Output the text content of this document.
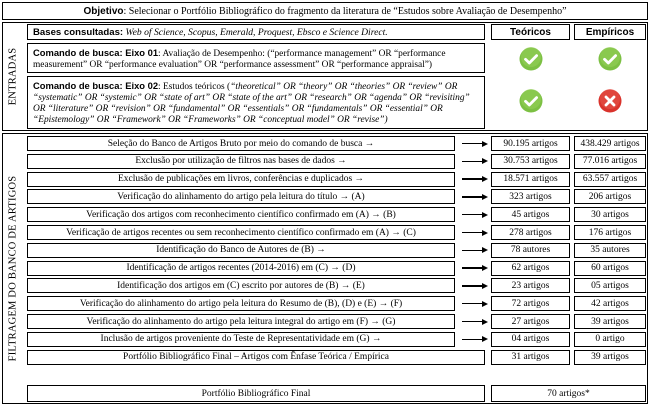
Objetivo: Selecionar o Portfólio Bibliográfico do fragmento da literatura de “Estudos sobre Avaliação de Desempenho”
ENTRADAS
Bases consultadas: Web of Science, Scopus, Emerald, Proquest, Ebsco e Science Direct.	Teóricos	Empíricos
Comando de busca: Eixo 01: Avaliação de Desempenho: (“performance management” OR “performance measurement” OR “performance evaluation” OR “performance assessment” OR “performance appraisal”)
Comando de busca: Eixo 02: Estudos teóricos (“theoretical” OR “theory” OR “theories” OR “review” OR “systematic” OR “systemic” OR “state of art” OR “state of the art” OR “research” OR “agenda” OR “revisiting” OR “literature” OR “revision” OR “fundamental” OR “essentials” OR “fundamentals” OR “essential” OR “Epistemology” OR “Framework” OR “Frameworks” OR “conceptual model” OR “revise”)
FILTRAGEM DO BANCO DE ARTIGOS
Seleção do Banco de Artigos Bruto por meio do comando de busca →	90.195 artigos	438.429 artigos
Exclusão por utilização de filtros nas bases de dados →	30.753 artigos	77.016 artigos
Exclusão de publicações em livros, conferências e duplicados →	18.571 artigos	63.557 artigos
Verificação do alinhamento do artigo pela leitura do título → (A)	323 artigos	206 artigos
Verificação dos artigos com reconhecimento científico confirmado em (A) → (B)	45 artigos	30 artigos
Verificação de artigos recentes ou sem reconhecimento científico confirmado em (A) → (C)	278 artigos	176 artigos
Identificação do Banco de Autores de (B) →	78 autores	35 autores
Identificação de artigos recentes (2014-2016) em (C) → (D)	62 artigos	60 artigos
Identificação dos artigos em (C) escrito por autores de (B) → (E)	23 artigos	05 artigos
Verificação do alinhamento do artigo pela leitura do Resumo de (B), (D) e (E) → (F)	72 artigos	42 artigos
Verificação do alinhamento do artigo pela leitura integral do artigo em (F) → (G)	27 artigos	39 artigos
Inclusão de artigos proveniente do Teste de Representatividade em (G) →	04 artigos	0 artigo
Portfólio Bibliográfico Final – Artigos com Ênfase Teórica / Empírica	31 artigos	39 artigos
Portfólio Bibliográfico Final	70 artigos*
